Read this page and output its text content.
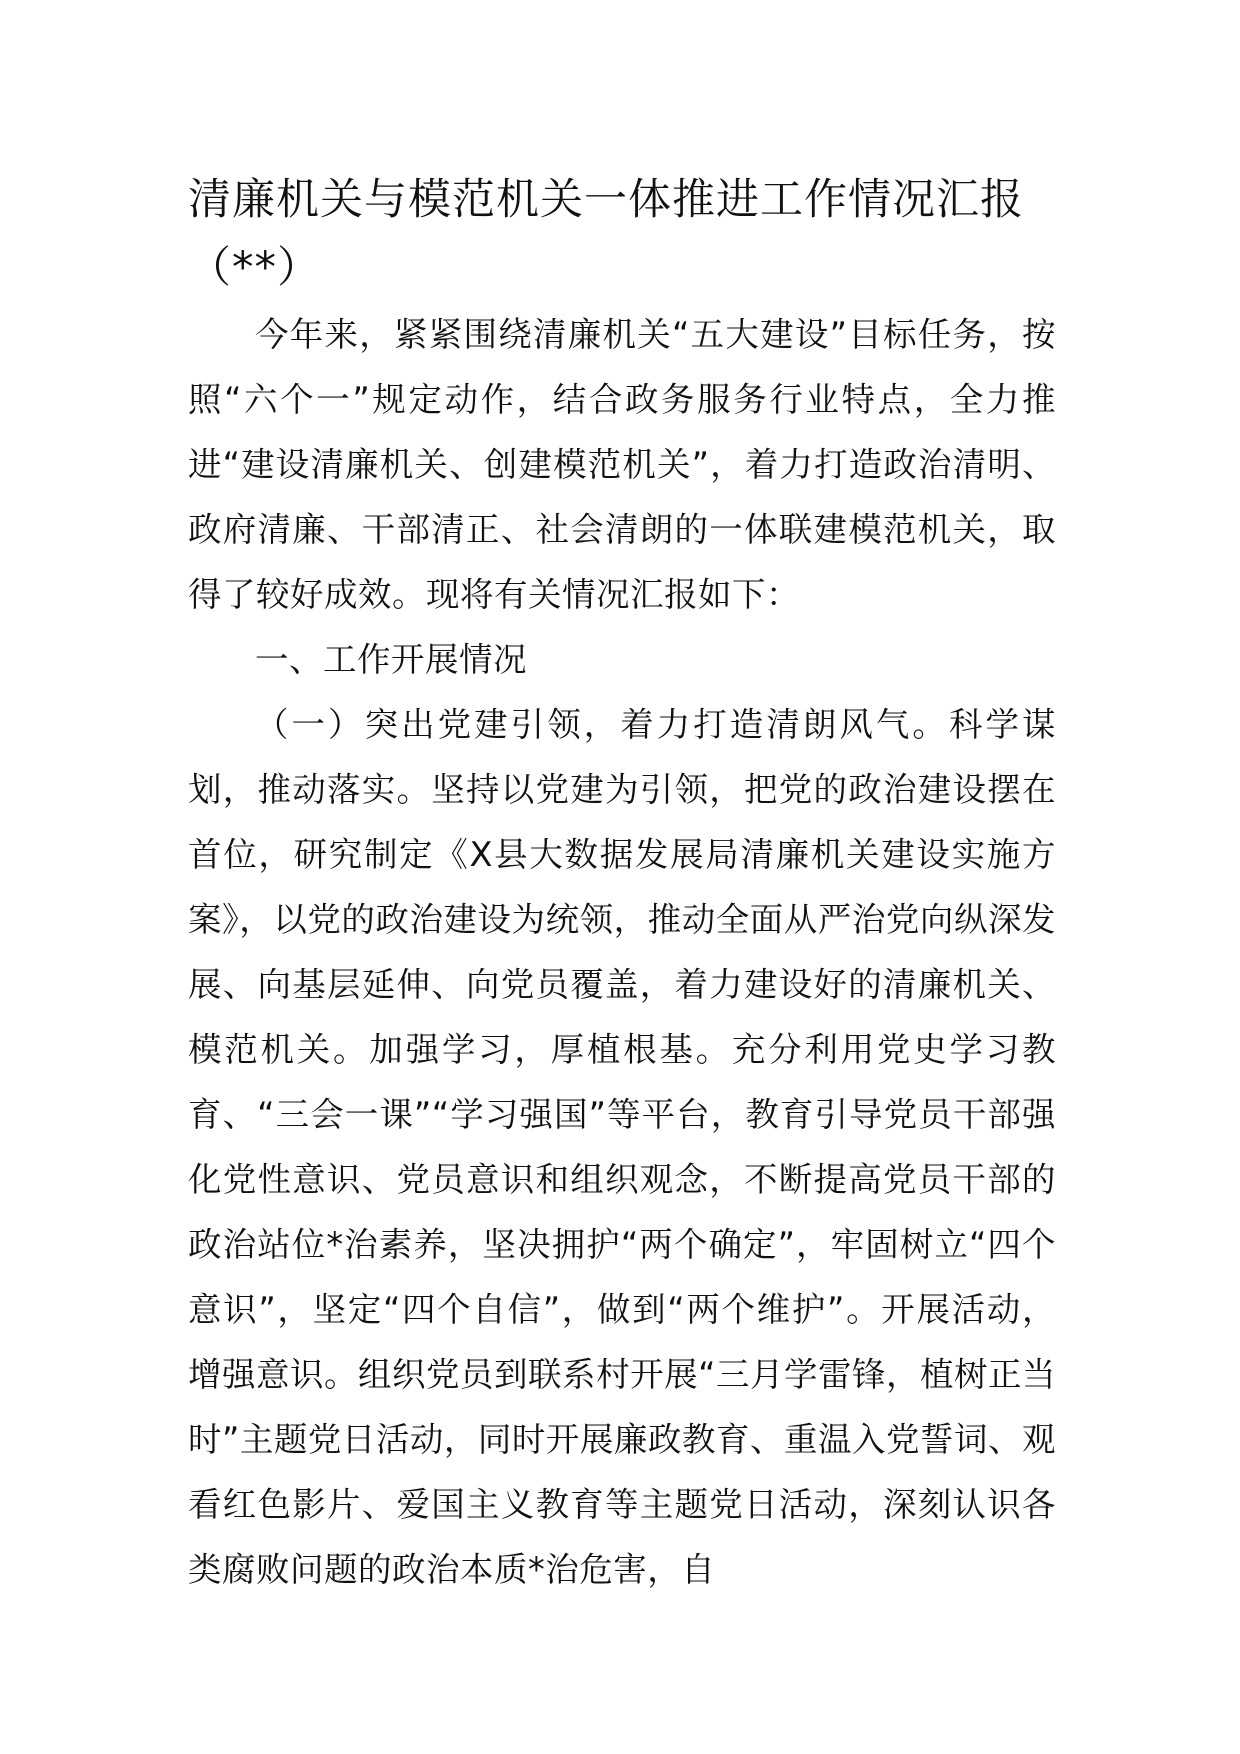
清廉机关与模范机关一体推进工作情况汇报（**）

今年来，紧紧围绕清廉机关“五大建设”目标任务，按照“六个一”规定动作，结合政务服务行业特点，全力推进“建设清廉机关、创建模范机关”，着力打造政治清明、政府清廉、干部清正、社会清朗的一体联建模范机关，取得了较好成效。现将有关情况汇报如下：

一、工作开展情况

（一）突出党建引领，着力打造清朗风气。科学谋划，推动落实。坚持以党建为引领，把党的政治建设摆在首位，研究制定《X县大数据发展局清廉机关建设实施方案》，以党的政治建设为统领，推动全面从严治党向纵深发展、向基层延伸、向党员覆盖，着力建设好的清廉机关、模范机关。加强学习，厚植根基。充分利用党史学习教育、“三会一课”“学习强国”等平台，教育引导党员干部强化党性意识、党员意识和组织观念，不断提高党员干部的政治站位*治素养，坚决拥护“两个确定”，牢固树立“四个意识”，坚定“四个自信”，做到“两个维护”。开展活动，增强意识。组织党员到联系村开展“三月学雷锋，植树正当时”主题党日活动，同时开展廉政教育、重温入党誓词、观看红色影片、爱国主义教育等主题党日活动，深刻认识各类腐败问题的政治本质*治危害，自
